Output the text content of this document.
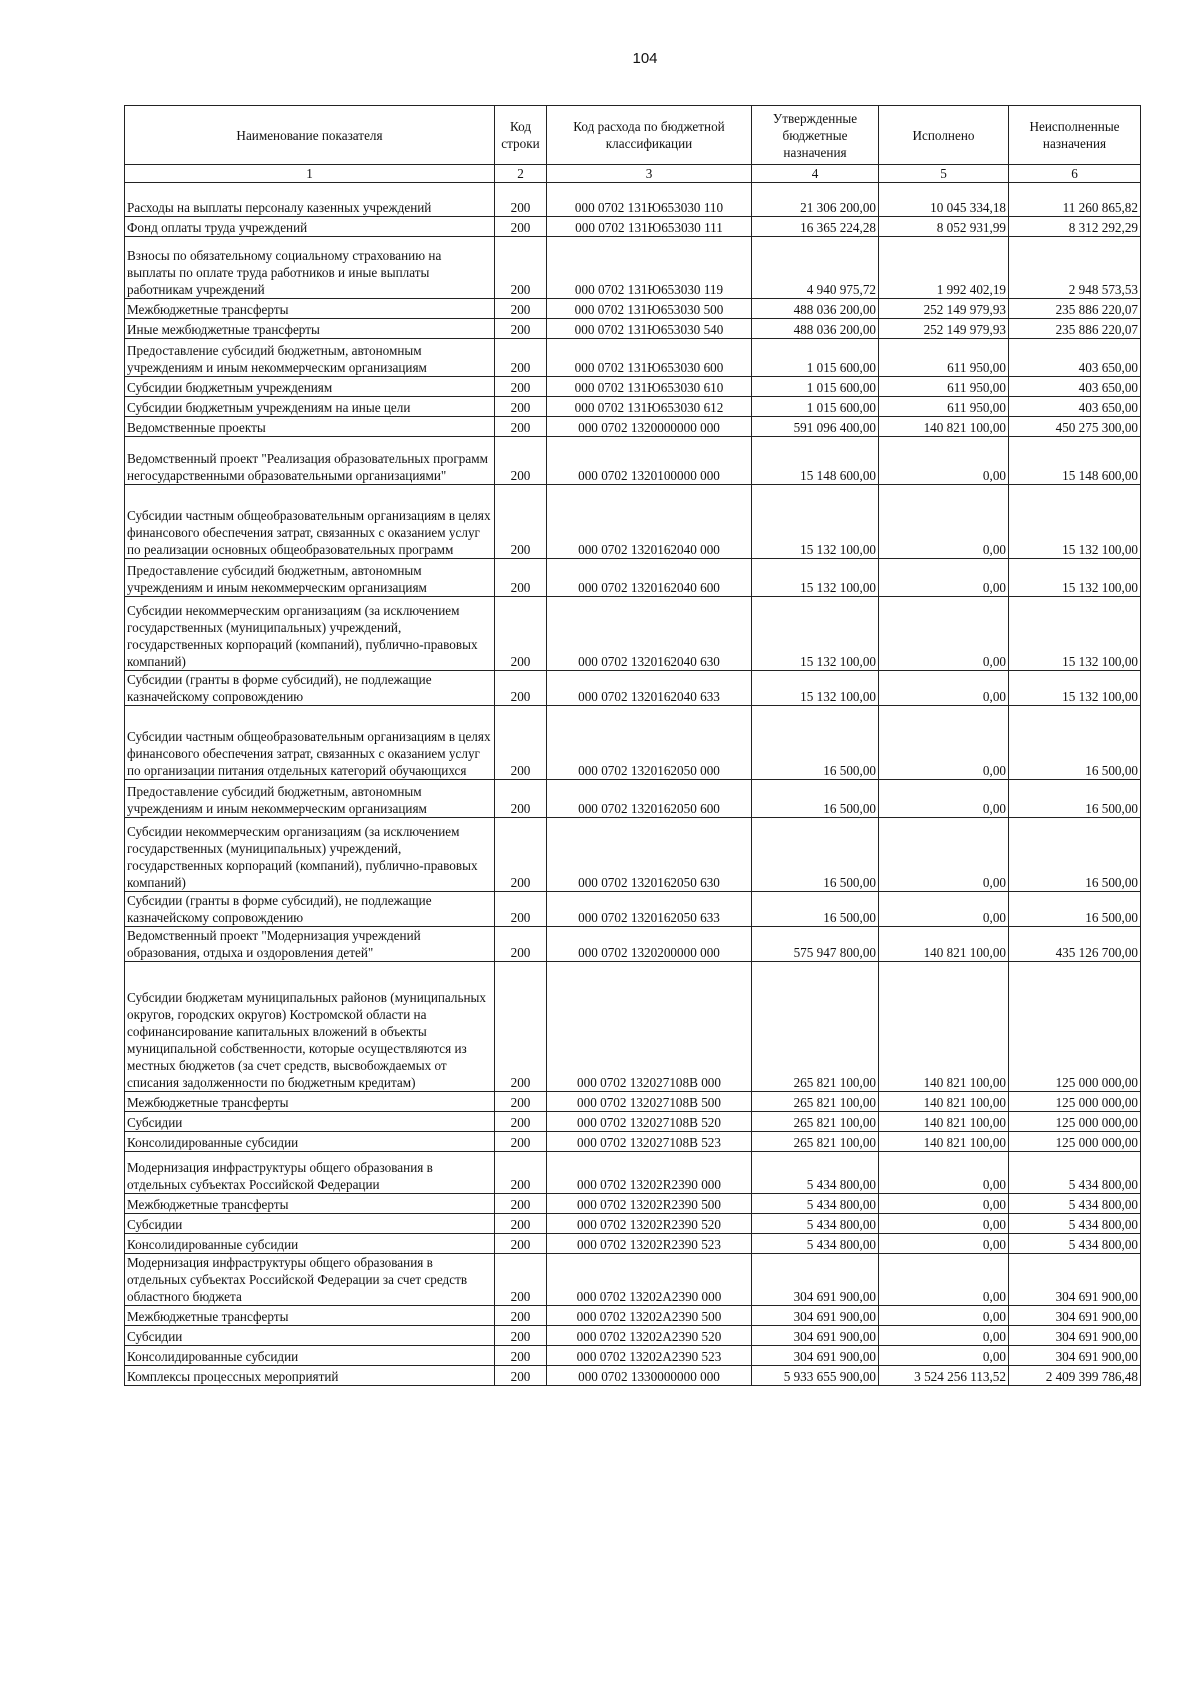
104
Наименование показателя	Код строки	Код расхода по бюджетной классификации	Утвержденные бюджетные назначения	Исполнено	Неисполненные назначения
1	2	3	4	5	6
Расходы на выплаты персоналу казенных учреждений	200	000 0702 131Ю653030 110	21 306 200,00	10 045 334,18	11 260 865,82
Фонд оплаты труда учреждений	200	000 0702 131Ю653030 111	16 365 224,28	8 052 931,99	8 312 292,29
Взносы по обязательному социальному страхованию на выплаты по оплате труда работников и иные выплаты работникам учреждений	200	000 0702 131Ю653030 119	4 940 975,72	1 992 402,19	2 948 573,53
Межбюджетные трансферты	200	000 0702 131Ю653030 500	488 036 200,00	252 149 979,93	235 886 220,07
Иные межбюджетные трансферты	200	000 0702 131Ю653030 540	488 036 200,00	252 149 979,93	235 886 220,07
Предоставление субсидий бюджетным, автономным учреждениям и иным некоммерческим организациям	200	000 0702 131Ю653030 600	1 015 600,00	611 950,00	403 650,00
Субсидии бюджетным учреждениям	200	000 0702 131Ю653030 610	1 015 600,00	611 950,00	403 650,00
Субсидии бюджетным учреждениям на иные цели	200	000 0702 131Ю653030 612	1 015 600,00	611 950,00	403 650,00
Ведомственные проекты	200	000 0702 1320000000 000	591 096 400,00	140 821 100,00	450 275 300,00
Ведомственный проект "Реализация образовательных программ негосударственными образовательными организациями"	200	000 0702 1320100000 000	15 148 600,00	0,00	15 148 600,00
Субсидии частным общеобразовательным организациям в целях финансового обеспечения затрат, связанных с оказанием услуг по реализации основных общеобразовательных программ	200	000 0702 1320162040 000	15 132 100,00	0,00	15 132 100,00
Предоставление субсидий бюджетным, автономным учреждениям и иным некоммерческим организациям	200	000 0702 1320162040 600	15 132 100,00	0,00	15 132 100,00
Субсидии некоммерческим организациям (за исключением государственных (муниципальных) учреждений, государственных корпораций (компаний), публично-правовых компаний)	200	000 0702 1320162040 630	15 132 100,00	0,00	15 132 100,00
Субсидии (гранты в форме субсидий), не подлежащие казначейскому сопровождению	200	000 0702 1320162040 633	15 132 100,00	0,00	15 132 100,00
Субсидии частным общеобразовательным организациям в целях финансового обеспечения затрат, связанных с оказанием услуг по организации питания отдельных категорий обучающихся	200	000 0702 1320162050 000	16 500,00	0,00	16 500,00
Предоставление субсидий бюджетным, автономным учреждениям и иным некоммерческим организациям	200	000 0702 1320162050 600	16 500,00	0,00	16 500,00
Субсидии некоммерческим организациям (за исключением государственных (муниципальных) учреждений, государственных корпораций (компаний), публично-правовых компаний)	200	000 0702 1320162050 630	16 500,00	0,00	16 500,00
Субсидии (гранты в форме субсидий), не подлежащие казначейскому сопровождению	200	000 0702 1320162050 633	16 500,00	0,00	16 500,00
Ведомственный проект "Модернизация учреждений образования, отдыха и оздоровления детей"	200	000 0702 1320200000 000	575 947 800,00	140 821 100,00	435 126 700,00
Субсидии бюджетам муниципальных районов (муниципальных округов, городских округов) Костромской области на софинансирование капитальных вложений в объекты муниципальной собственности, которые осуществляются из местных бюджетов (за счет средств, высвобождаемых от списания задолженности по бюджетным кредитам)	200	000 0702 132027108B 000	265 821 100,00	140 821 100,00	125 000 000,00
Межбюджетные трансферты	200	000 0702 132027108B 500	265 821 100,00	140 821 100,00	125 000 000,00
Субсидии	200	000 0702 132027108B 520	265 821 100,00	140 821 100,00	125 000 000,00
Консолидированные субсидии	200	000 0702 132027108B 523	265 821 100,00	140 821 100,00	125 000 000,00
Модернизация инфраструктуры общего образования в отдельных субъектах Российской Федерации	200	000 0702 13202R2390 000	5 434 800,00	0,00	5 434 800,00
Межбюджетные трансферты	200	000 0702 13202R2390 500	5 434 800,00	0,00	5 434 800,00
Субсидии	200	000 0702 13202R2390 520	5 434 800,00	0,00	5 434 800,00
Консолидированные субсидии	200	000 0702 13202R2390 523	5 434 800,00	0,00	5 434 800,00
Модернизация инфраструктуры общего образования в отдельных субъектах Российской Федерации за счет средств областного бюджета	200	000 0702 13202A2390 000	304 691 900,00	0,00	304 691 900,00
Межбюджетные трансферты	200	000 0702 13202A2390 500	304 691 900,00	0,00	304 691 900,00
Субсидии	200	000 0702 13202A2390 520	304 691 900,00	0,00	304 691 900,00
Консолидированные субсидии	200	000 0702 13202A2390 523	304 691 900,00	0,00	304 691 900,00
Комплексы процессных мероприятий	200	000 0702 1330000000 000	5 933 655 900,00	3 524 256 113,52	2 409 399 786,48
